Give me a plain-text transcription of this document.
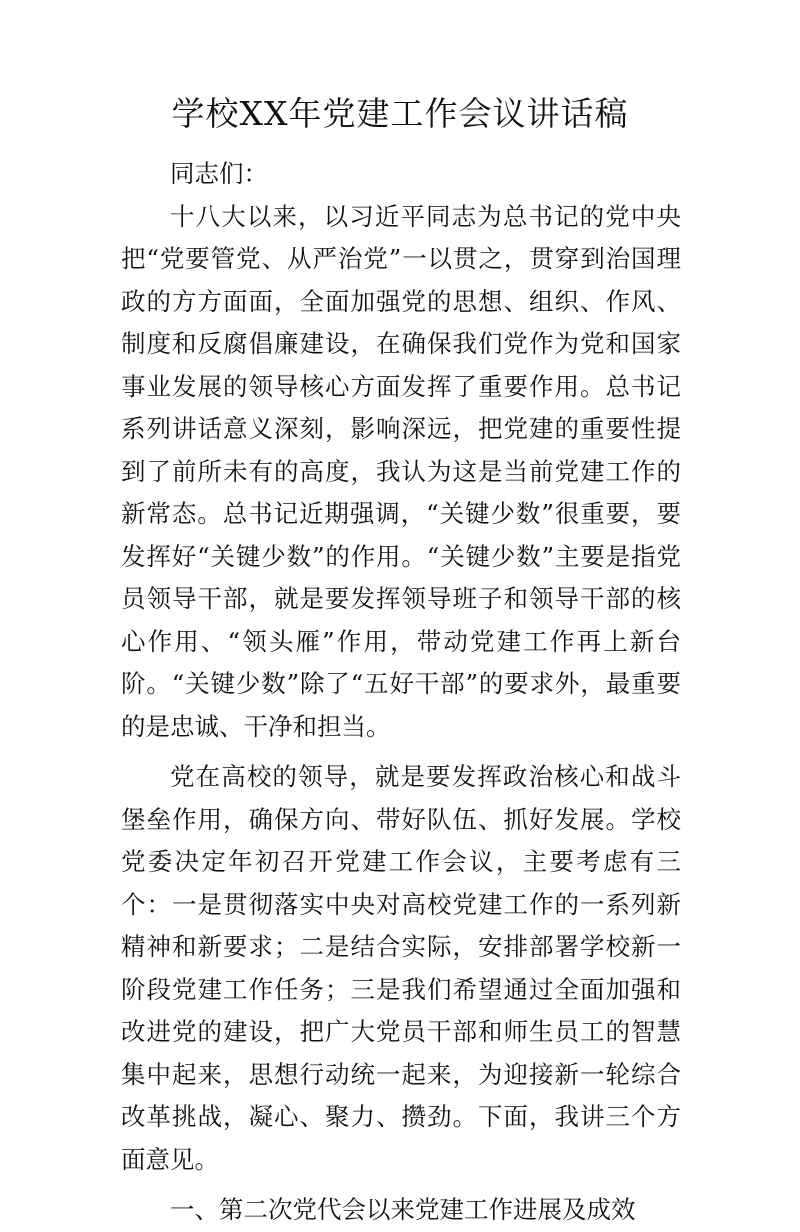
学校XX年党建工作会议讲话稿

同志们：

十八大以来，以习近平同志为总书记的党中央把“党要管党、从严治党”一以贯之，贯穿到治国理政的方方面面，全面加强党的思想、组织、作风、制度和反腐倡廉建设，在确保我们党作为党和国家事业发展的领导核心方面发挥了重要作用。总书记系列讲话意义深刻，影响深远，把党建的重要性提到了前所未有的高度，我认为这是当前党建工作的新常态。总书记近期强调，“关键少数”很重要，要发挥好“关键少数”的作用。“关键少数”主要是指党员领导干部，就是要发挥领导班子和领导干部的核心作用、“领头雁”作用，带动党建工作再上新台阶。“关键少数”除了“五好干部”的要求外，最重要的是忠诚、干净和担当。

党在高校的领导，就是要发挥政治核心和战斗堡垒作用，确保方向、带好队伍、抓好发展。学校党委决定年初召开党建工作会议，主要考虑有三个：一是贯彻落实中央对高校党建工作的一系列新精神和新要求；二是结合实际，安排部署学校新一阶段党建工作任务；三是我们希望通过全面加强和改进党的建设，把广大党员干部和师生员工的智慧集中起来，思想行动统一起来，为迎接新一轮综合改革挑战，凝心、聚力、攒劲。下面，我讲三个方面意见。

一、第二次党代会以来党建工作进展及成效
